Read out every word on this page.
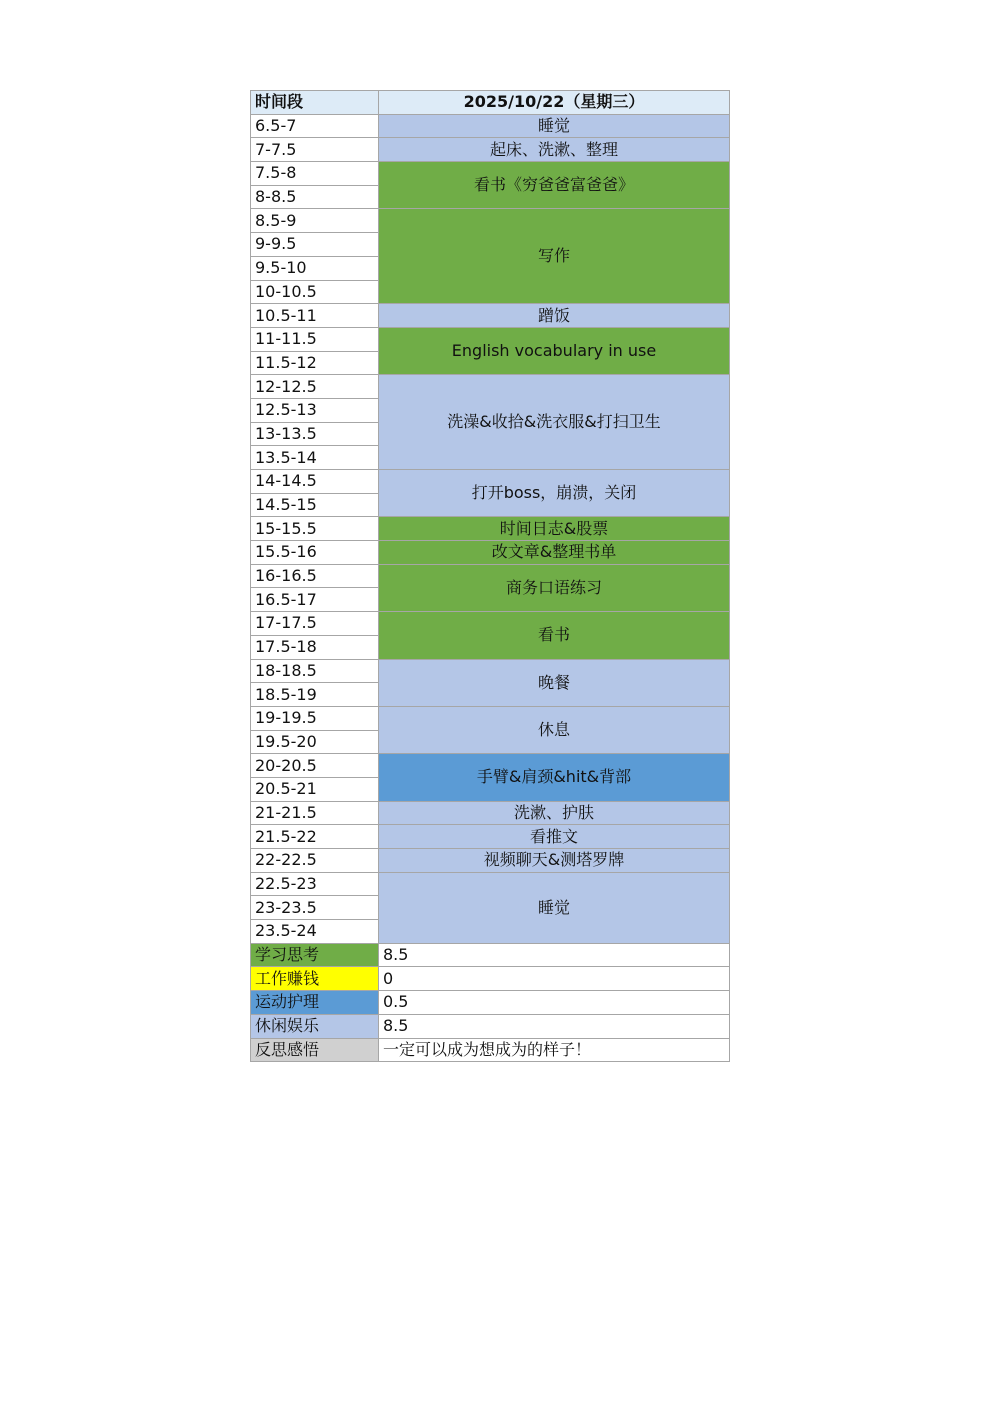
时间段	2025/10/22（星期三）
6.5-7	睡觉
7-7.5	起床、洗漱、整理
7.5-8	看书《穷爸爸富爸爸》
8-8.5	
8.5-9	写作
9-9.5	
9.5-10	
10-10.5	
10.5-11	蹭饭
11-11.5	English vocabulary in use
11.5-12	
12-12.5	洗澡&收拾&洗衣服&打扫卫生
12.5-13	
13-13.5	
13.5-14	
14-14.5	打开boss，崩溃，关闭
14.5-15	
15-15.5	时间日志&股票
15.5-16	改文章&整理书单
16-16.5	商务口语练习
16.5-17	
17-17.5	看书
17.5-18	
18-18.5	晚餐
18.5-19	
19-19.5	休息
19.5-20	
20-20.5	手臂&肩颈&hit&背部
20.5-21	
21-21.5	洗漱、护肤
21.5-22	看推文
22-22.5	视频聊天&测塔罗牌
22.5-23	睡觉
23-23.5	
23.5-24	
学习思考	8.5
工作赚钱	0
运动护理	0.5
休闲娱乐	8.5
反思感悟	一定可以成为想成为的样子！
